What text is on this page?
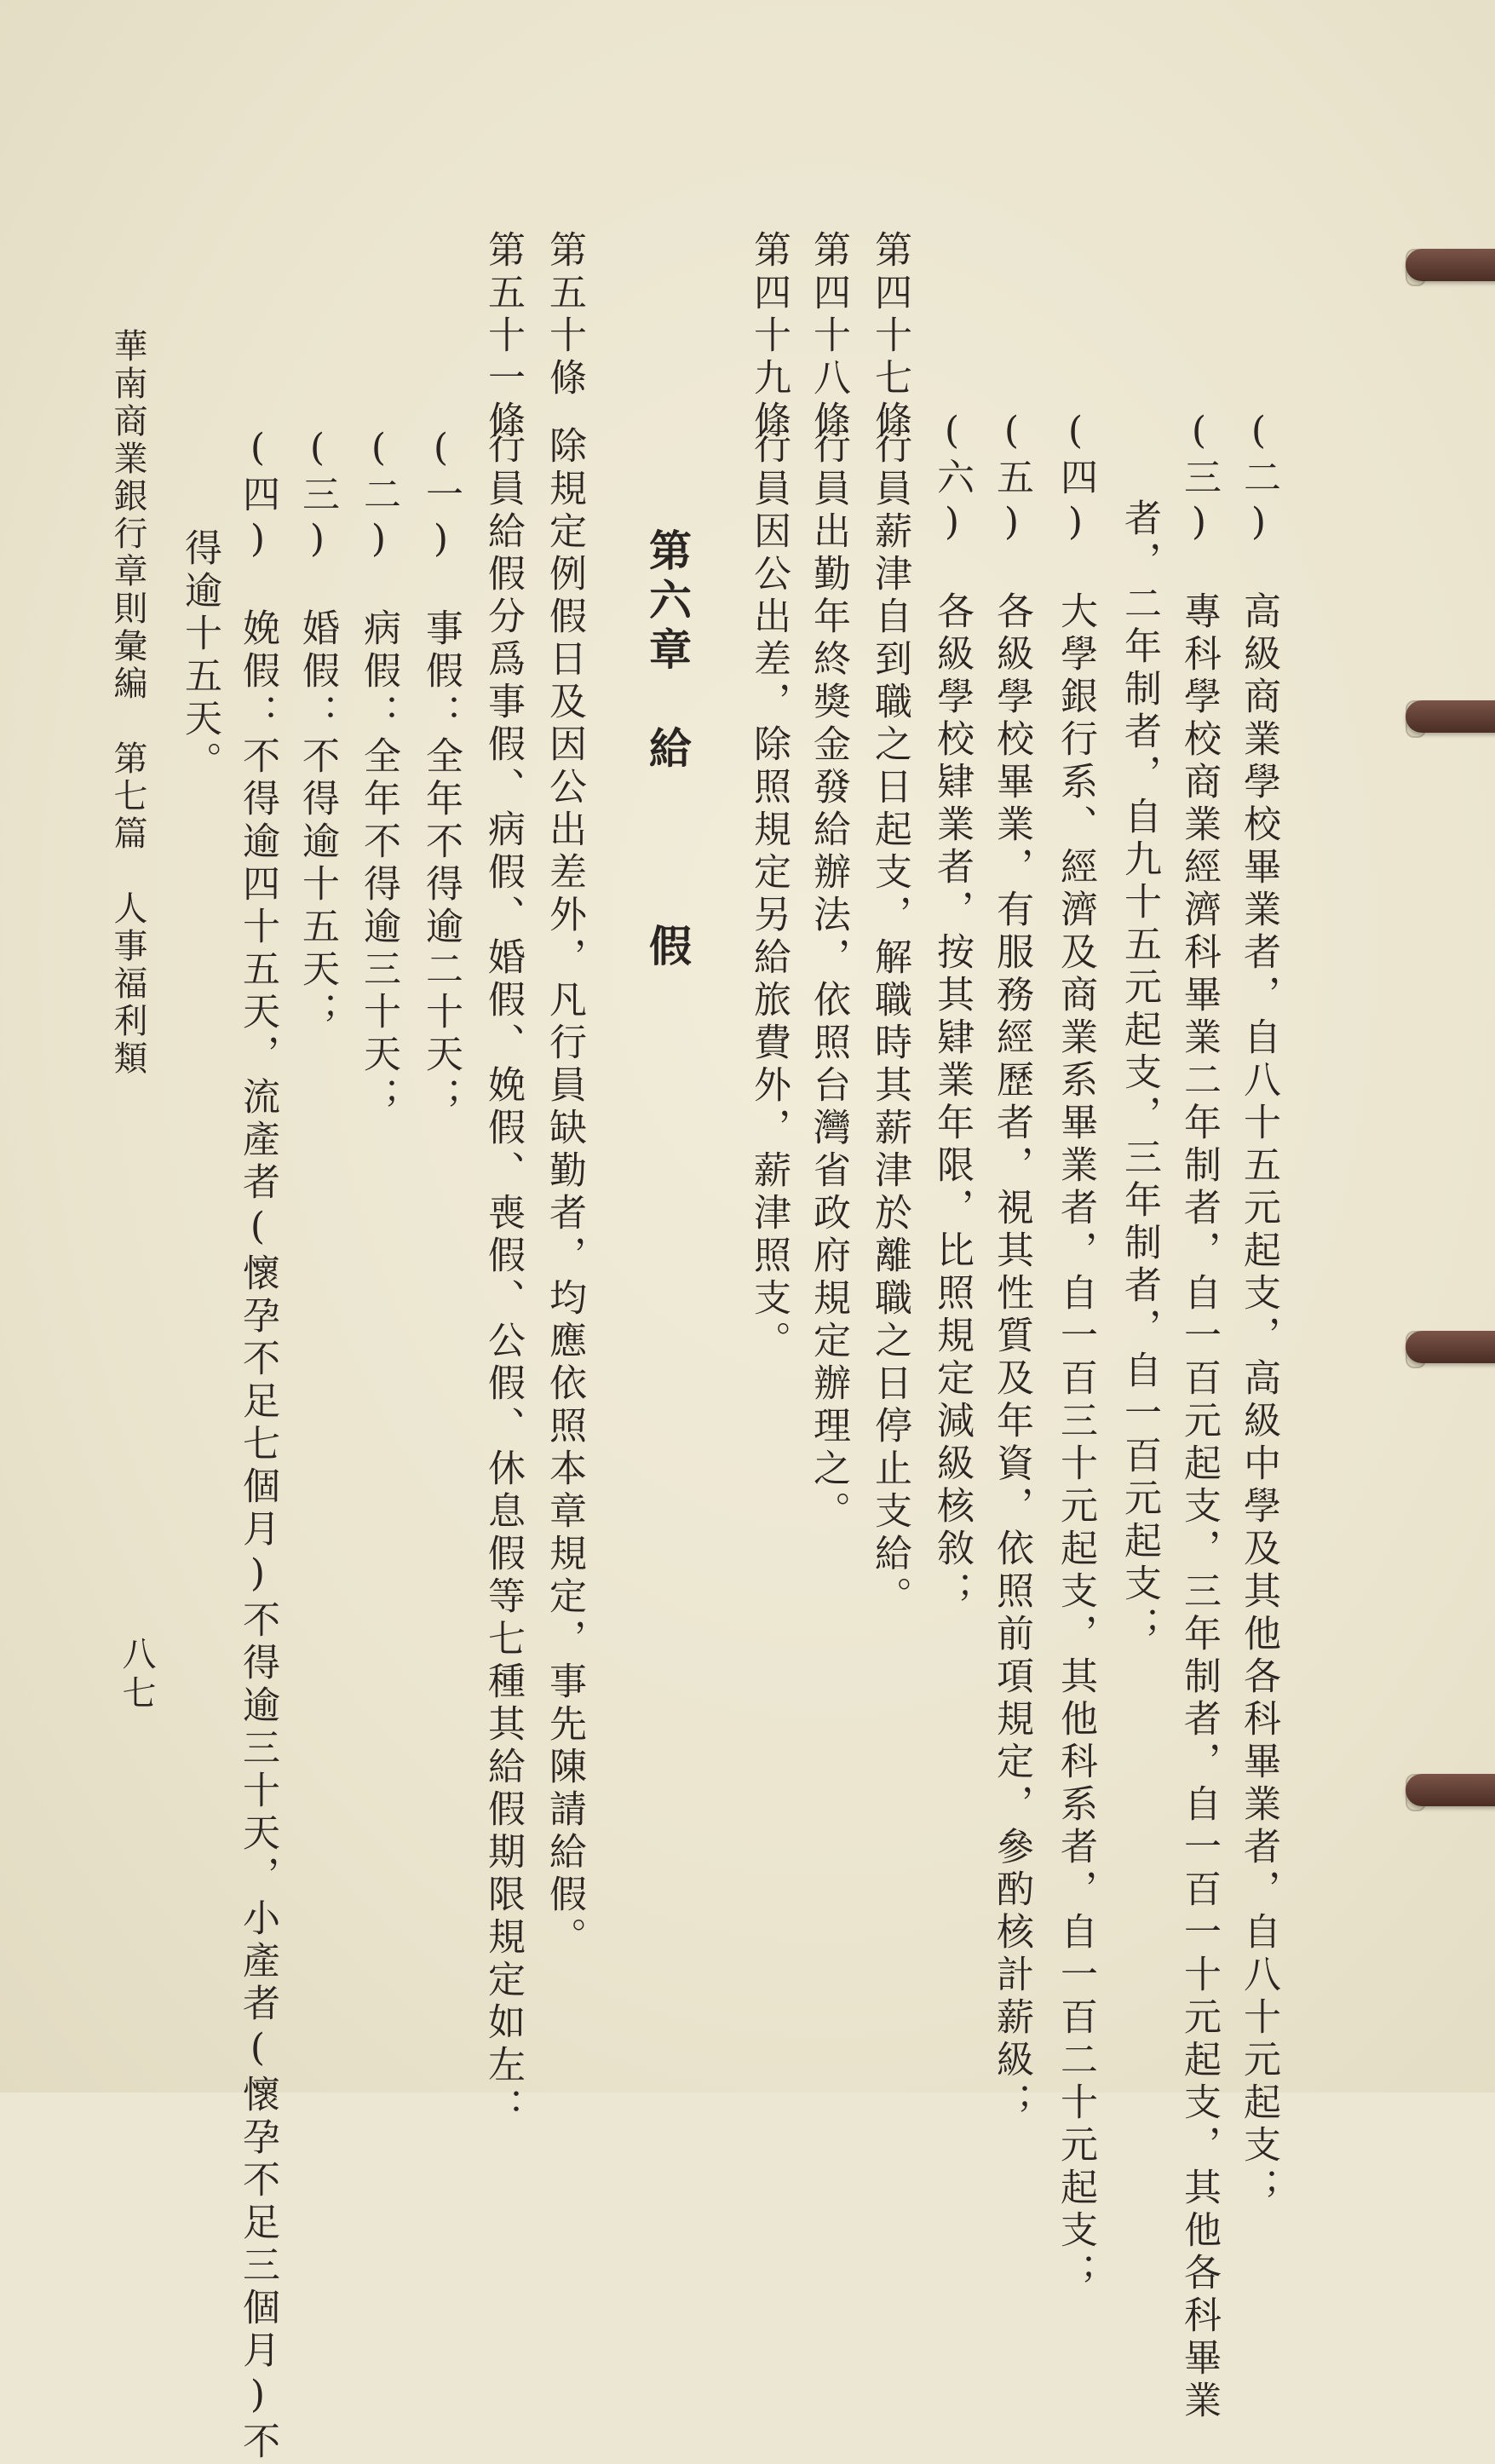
(二)　高級商業學校畢業者，自八十五元起支，高級中學及其他各科畢業者，自八十元起支；
(三)　專科學校商業經濟科畢業二年制者，自一百元起支，三年制者，自一百一十元起支，其他各科畢業
者，二年制者，自九十五元起支，三年制者，自一百元起支；
(四)　大學銀行系、經濟及商業系畢業者，自一百三十元起支，其他科系者，自一百二十元起支；
(五)　各級學校畢業，有服務經歷者，視其性質及年資，依照前項規定，參酌核計薪級；
(六)　各級學校肄業者，按其肄業年限，比照規定減級核敘；
第四十七條
行員薪津自到職之日起支，解職時其薪津於離職之日停止支給。
第四十八條
行員出勤年終獎金發給辦法，依照台灣省政府規定辦理之。
第四十九條
行員因公出差，除照規定另給旅費外，薪津照支。
第六章　給　　　假
第五十條
除規定例假日及因公出差外，凡行員缺勤者，均應依照本章規定，事先陳請給假。
第五十一條
行員給假分爲事假、病假、婚假、娩假、喪假、公假、休息假等七種其給假期限規定如左：
(一)　事假：全年不得逾二十天；
(二)　病假：全年不得逾三十天；
(三)　婚假：不得逾十五天；
(四)　娩假：不得逾四十五天，流產者(懷孕不足七個月)不得逾三十天，小產者(懷孕不足三個月)不
得逾十五天。
華南商業銀行章則彙編　第七篇　人事福利類
八七
